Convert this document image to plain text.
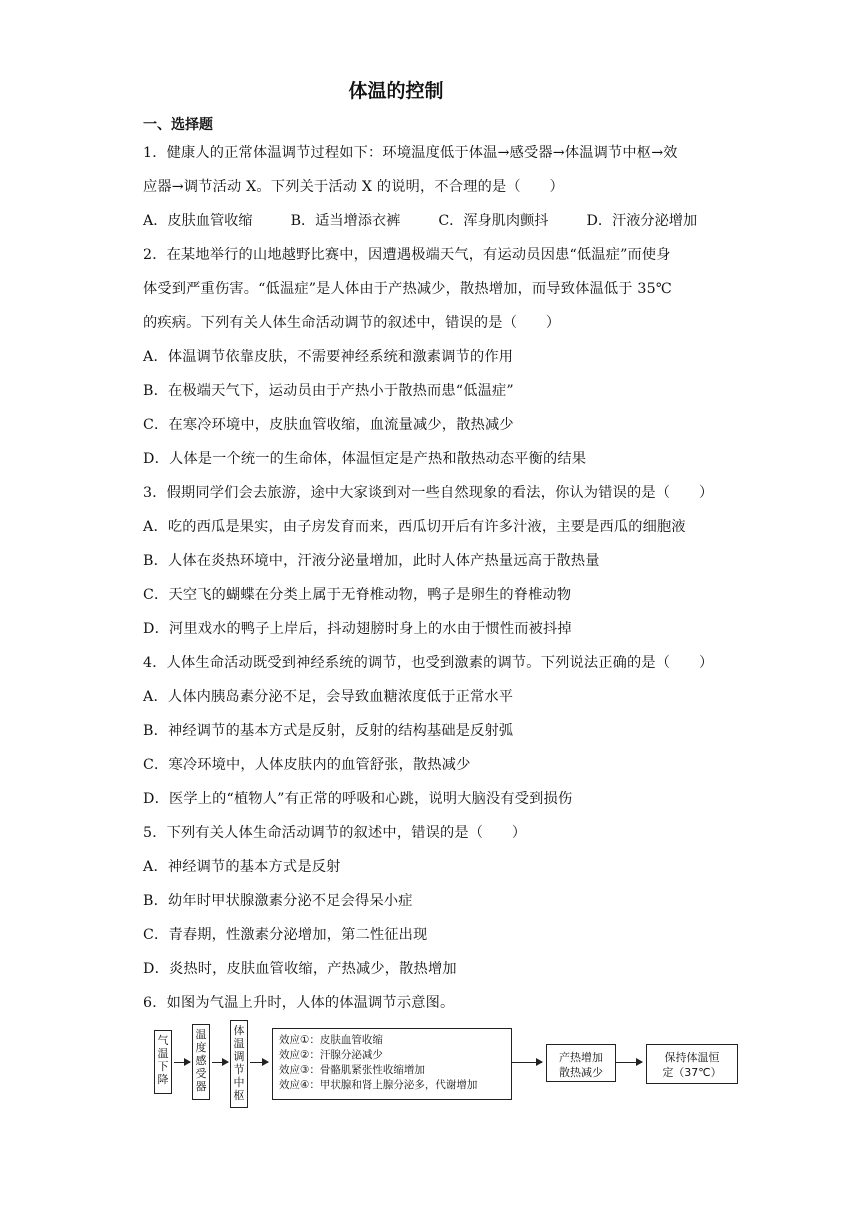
体温的控制
一、选择题
1．健康人的正常体温调节过程如下：环境温度低于体温→感受器→体温调节中枢→效
应器→调节活动 X。下列关于活动 X 的说明，不合理的是（　　）
A．皮肤血管收缩	B．适当增添衣裤	C．浑身肌肉颤抖	D．汗液分泌增加
2．在某地举行的山地越野比赛中，因遭遇极端天气，有运动员因患“低温症”而使身
体受到严重伤害。“低温症”是人体由于产热减少，散热增加，而导致体温低于 35℃
的疾病。下列有关人体生命活动调节的叙述中，错误的是（　　）
A．体温调节依靠皮肤，不需要神经系统和激素调节的作用
B．在极端天气下，运动员由于产热小于散热而患“低温症”
C．在寒冷环境中，皮肤血管收缩，血流量减少，散热减少
D．人体是一个统一的生命体，体温恒定是产热和散热动态平衡的结果
3．假期同学们会去旅游，途中大家谈到对一些自然现象的看法，你认为错误的是（　　）
A．吃的西瓜是果实，由子房发育而来，西瓜切开后有许多汁液，主要是西瓜的细胞液
B．人体在炎热环境中，汗液分泌量增加，此时人体产热量远高于散热量
C．天空飞的蝴蝶在分类上属于无脊椎动物，鸭子是卵生的脊椎动物
D．河里戏水的鸭子上岸后，抖动翅膀时身上的水由于惯性而被抖掉
4．人体生命活动既受到神经系统的调节，也受到激素的调节。下列说法正确的是（　　）
A．人体内胰岛素分泌不足，会导致血糖浓度低于正常水平
B．神经调节的基本方式是反射，反射的结构基础是反射弧
C．寒冷环境中，人体皮肤内的血管舒张，散热减少
D．医学上的“植物人”有正常的呼吸和心跳，说明大脑没有受到损伤
5．下列有关人体生命活动调节的叙述中，错误的是（　　）
A．神经调节的基本方式是反射
B．幼年时甲状腺激素分泌不足会得呆小症
C．青春期，性激素分泌增加，第二性征出现
D．炎热时，皮肤血管收缩，产热减少，散热增加
6．如图为气温上升时，人体的体温调节示意图。
气
温
下
降
温
度
感
受
器
体
温
调
节
中
枢
效应①：皮肤血管收缩
效应②：汗腺分泌减少
效应③：骨骼肌紧张性收缩增加
效应④：甲状腺和肾上腺分泌多，代谢增加
产热增加
散热减少
保持体温恒
定（37℃）
